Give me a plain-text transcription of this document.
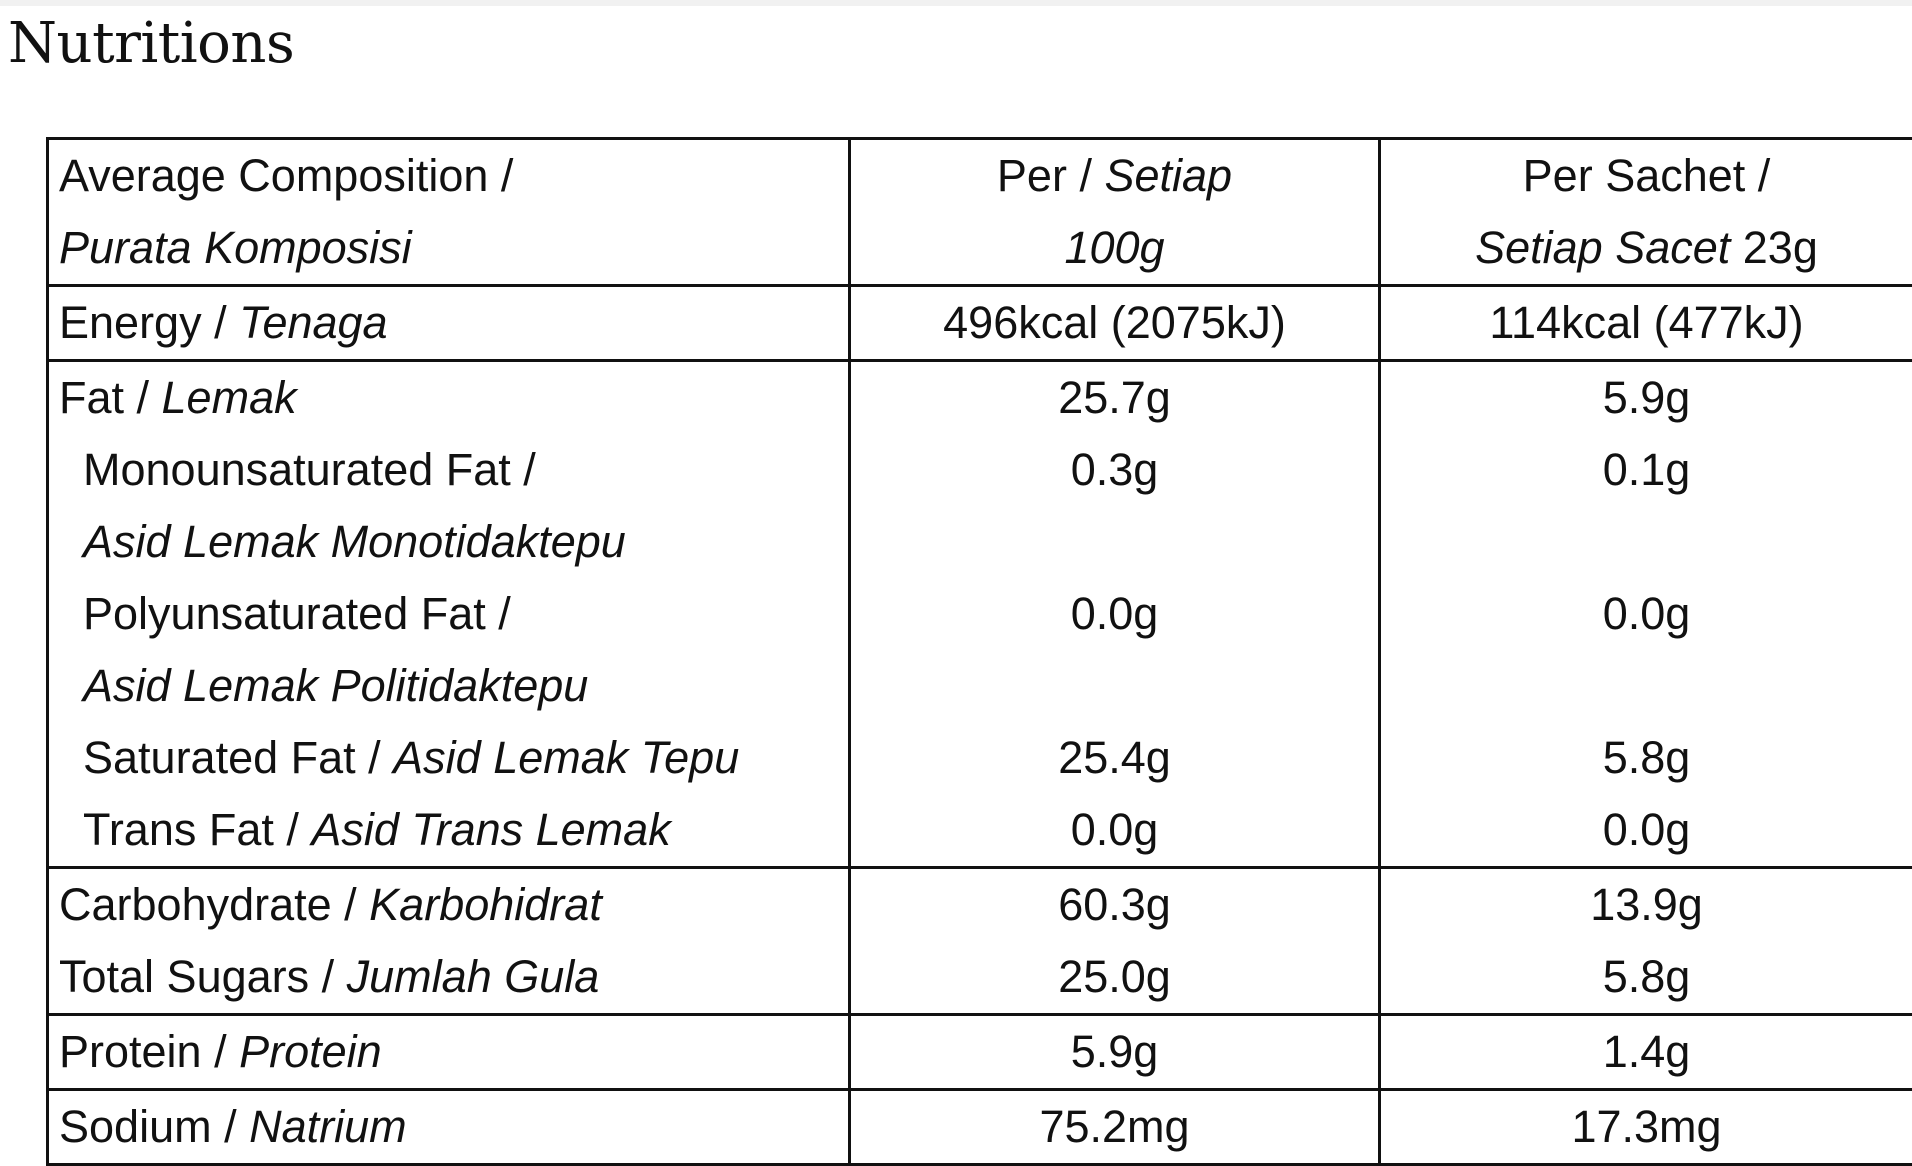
Nutritions
Average Composition /	Per / Setiap	Per Sachet /
Purata Komposisi	100g	Setiap Sacet 23g
Energy / Tenaga	496kcal (2075kJ)	114kcal (477kJ)
Fat / Lemak	25.7g	5.9g
Monounsaturated Fat /	0.3g	0.1g
Asid Lemak Monotidaktepu		
Polyunsaturated Fat /	0.0g	0.0g
Asid Lemak Politidaktepu		
Saturated Fat / Asid Lemak Tepu	25.4g	5.8g
Trans Fat / Asid Trans Lemak	0.0g	0.0g
Carbohydrate / Karbohidrat	60.3g	13.9g
Total Sugars / Jumlah Gula	25.0g	5.8g
Protein / Protein	5.9g	1.4g
Sodium / Natrium	75.2mg	17.3mg
